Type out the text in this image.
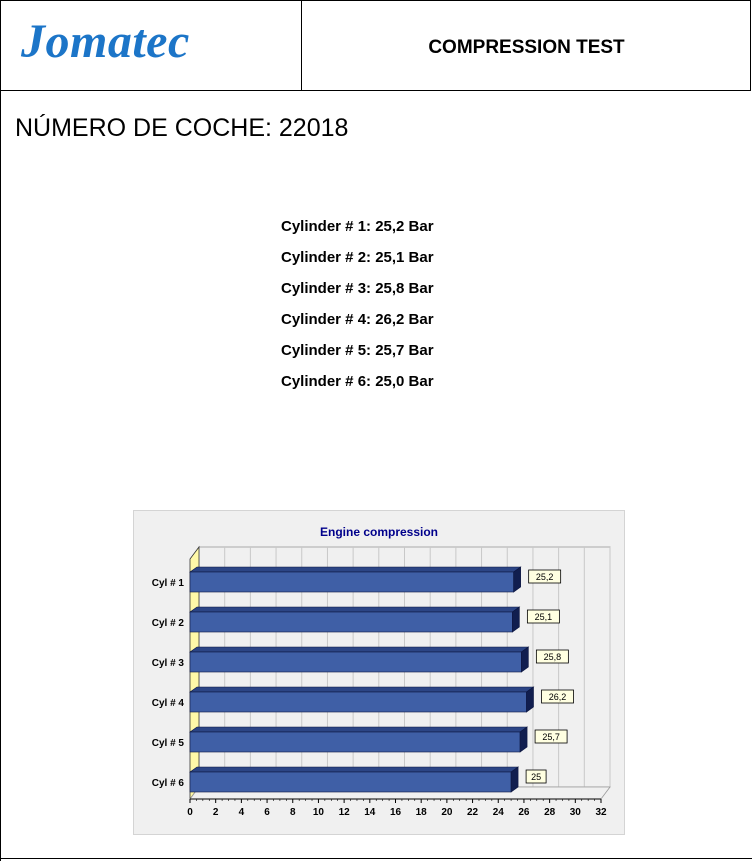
Jomatec	COMPRESSION TEST
NÚMERO DE COCHE: 22018
Cylinder # 1: 25,2 Bar
Cylinder # 2: 25,1 Bar
Cylinder # 3: 25,8 Bar
Cylinder # 4: 26,2 Bar
Cylinder # 5: 25,7 Bar
Cylinder # 6: 25,0 Bar
Engine compression
Cyl # 1
25,2
Cyl # 2
25,1
Cyl # 3
25,8
Cyl # 4
26,2
Cyl # 5
25,7
Cyl # 6
25
0 2 4 6 8 10 12 14 16 18 20 22 24 26 28 30 32
